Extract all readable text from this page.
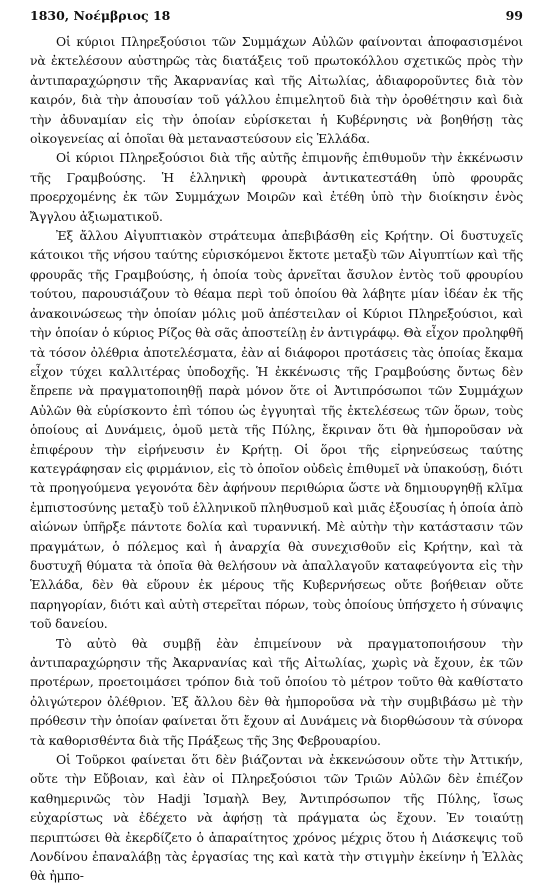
1830, Νοέμβριος 18	99

Οἱ κύριοι Πληρεξούσιοι τῶν Συμμάχων Αὐλῶν φαίνονται ἀποφασισμένοι νὰ ἐκτελέσουν αὐστηρῶς τὰς διατάξεις τοῦ πρωτοκόλλου σχετικῶς πρὸς τὴν ἀντιπαραχώρησιν τῆς Ἀκαρνανίας καὶ τῆς Αἰτωλίας, ἀδιαφοροῦντες διὰ τὸν καιρόν, διὰ τὴν ἀπουσίαν τοῦ γάλλου ἐπιμελητοῦ διὰ τὴν ὀροθέτησιν καὶ διὰ τὴν ἀδυναμίαν εἰς τὴν ὁποίαν εὑρίσκεται ἡ Κυβέρνησις νὰ βοηθήσῃ τὰς οἰκογενείας αἱ ὁποῖαι θὰ μεταναστεύσουν εἰς Ἑλλάδα.

Οἱ κύριοι Πληρεξούσιοι διὰ τῆς αὐτῆς ἐπιμονῆς ἐπιθυμοῦν τὴν ἐκκένωσιν τῆς Γραμβούσης. Ἡ ἑλληνικὴ φρουρὰ ἀντικατεστάθη ὑπὸ φρουρᾶς προερχομένης ἐκ τῶν Συμμάχων Μοιρῶν καὶ ἐτέθη ὑπὸ τὴν διοίκησιν ἑνὸς Ἄγγλου ἀξιωματικοῦ.

Ἐξ ἄλλου Αἰγυπτιακὸν στράτευμα ἀπεβιβάσθη εἰς Κρήτην. Οἱ δυστυχεῖς κάτοικοι τῆς νήσου ταύτης εὑρισκόμενοι ἔκτοτε μεταξὺ τῶν Αἰγυπτίων καὶ τῆς φρουρᾶς τῆς Γραμβούσης, ἡ ὁποία τοὺς ἀρνεῖται ἄσυλον ἐντὸς τοῦ φρουρίου τούτου, παρουσιάζουν τὸ θέαμα περὶ τοῦ ὁποίου θὰ λάβητε μίαν ἰδέαν ἐκ τῆς ἀνακοινώσεως τὴν ὁποίαν μόλις μοῦ ἀπέστειλαν οἱ Κύριοι Πληρεξούσιοι, καὶ τὴν ὁποίαν ὁ κύριος Ρίζος θὰ σᾶς ἀποστείλῃ ἐν ἀντιγράφῳ. Θὰ εἶχον προληφθῆ τὰ τόσον ὀλέθρια ἀποτελέσματα, ἐὰν αἱ διάφοροι προτάσεις τὰς ὁποίας ἔκαμα εἶχον τύχει καλλιτέρας ὑποδοχῆς. Ἡ ἐκκένωσις τῆς Γραμβούσης ὄντως δὲν ἔπρεπε νὰ πραγματοποιηθῇ παρὰ μόνον ὅτε οἱ Ἀντιπρόσωποι τῶν Συμμάχων Αὐλῶν θὰ εὑρίσκοντο ἐπὶ τόπου ὡς ἐγγυηταὶ τῆς ἐκτελέσεως τῶν ὅρων, τοὺς ὁποίους αἱ Δυνάμεις, ὁμοῦ μετὰ τῆς Πύλης, ἔκριναν ὅτι θὰ ἠμποροῦσαν νὰ ἐπιφέρουν τὴν εἰρήνευσιν ἐν Κρήτῃ. Οἱ ὅροι τῆς εἰρηνεύσεως ταύτης κατεγράφησαν εἰς φιρμάνιον, εἰς τὸ ὁποῖον οὐδεὶς ἐπιθυμεῖ νὰ ὑπακούσῃ, διότι τὰ προηγούμενα γεγονότα δὲν ἀφήνουν περιθώρια ὥστε νὰ δημιουργηθῇ κλῖμα ἐμπιστοσύνης μεταξὺ τοῦ ἑλληνικοῦ πληθυσμοῦ καὶ μιᾶς ἐξουσίας ἡ ὁποία ἀπὸ αἰώνων ὑπῆρξε πάντοτε δολία καὶ τυραννική. Μὲ αὐτὴν τὴν κατάστασιν τῶν πραγμάτων, ὁ πόλεμος καὶ ἡ ἀναρχία θὰ συνεχισθοῦν εἰς Κρήτην, καὶ τὰ δυστυχῆ θύματα τὰ ὁποῖα θὰ θελήσουν νὰ ἀπαλλαγοῦν καταφεύγοντα εἰς τὴν Ἑλλάδα, δὲν θὰ εὕρουν ἐκ μέρους τῆς Κυβερνήσεως οὔτε βοήθειαν οὔτε παρηγορίαν, διότι καὶ αὐτὴ στερεῖται πόρων, τοὺς ὁποίους ὑπήσχετο ἡ σύναψις τοῦ δανείου.

Τὸ αὐτὸ θὰ συμβῇ ἐὰν ἐπιμείνουν νὰ πραγματοποιήσουν τὴν ἀντιπαραχώρησιν τῆς Ἀκαρνανίας καὶ τῆς Αἰτωλίας, χωρὶς νὰ ἔχουν, ἐκ τῶν προτέρων, προετοιμάσει τρόπον διὰ τοῦ ὁποίου τὸ μέτρον τοῦτο θὰ καθίστατο ὀλιγώτερον ὀλέθριον. Ἐξ ἄλλου δὲν θὰ ἠμποροῦσα νὰ τὴν συμβιβάσω μὲ τὴν πρόθεσιν τὴν ὁποίαν φαίνεται ὅτι ἔχουν αἱ Δυνάμεις νὰ διορθώσουν τὰ σύνορα τὰ καθορισθέντα διὰ τῆς Πράξεως τῆς 3ης Φεβρουαρίου.

Οἱ Τοῦρκοι φαίνεται ὅτι δὲν βιάζονται νὰ ἐκκενώσουν οὔτε τὴν Ἀττικήν, οὔτε τὴν Εὔβοιαν, καὶ ἐὰν οἱ Πληρεξούσιοι τῶν Τριῶν Αὐλῶν δὲν ἐπιέζον καθημερινῶς τὸν Hadji Ἰσμαὴλ Bey, Ἀντιπρόσωπον τῆς Πύλης, ἴσως εὐχαρίστως νὰ ἐδέχετο νὰ ἀφήσῃ τὰ πράγματα ὡς ἔχουν. Ἐν τοιαύτῃ περιπτώσει θὰ ἐκερδίζετο ὁ ἀπαραίτητος χρόνος μέχρις ὅτου ἡ Διάσκεψις τοῦ Λονδίνου ἐπαναλάβῃ τὰς ἐργασίας της καὶ κατὰ τὴν στιγμὴν ἐκείνην ἡ Ἑλλὰς θὰ ἠμπο-
